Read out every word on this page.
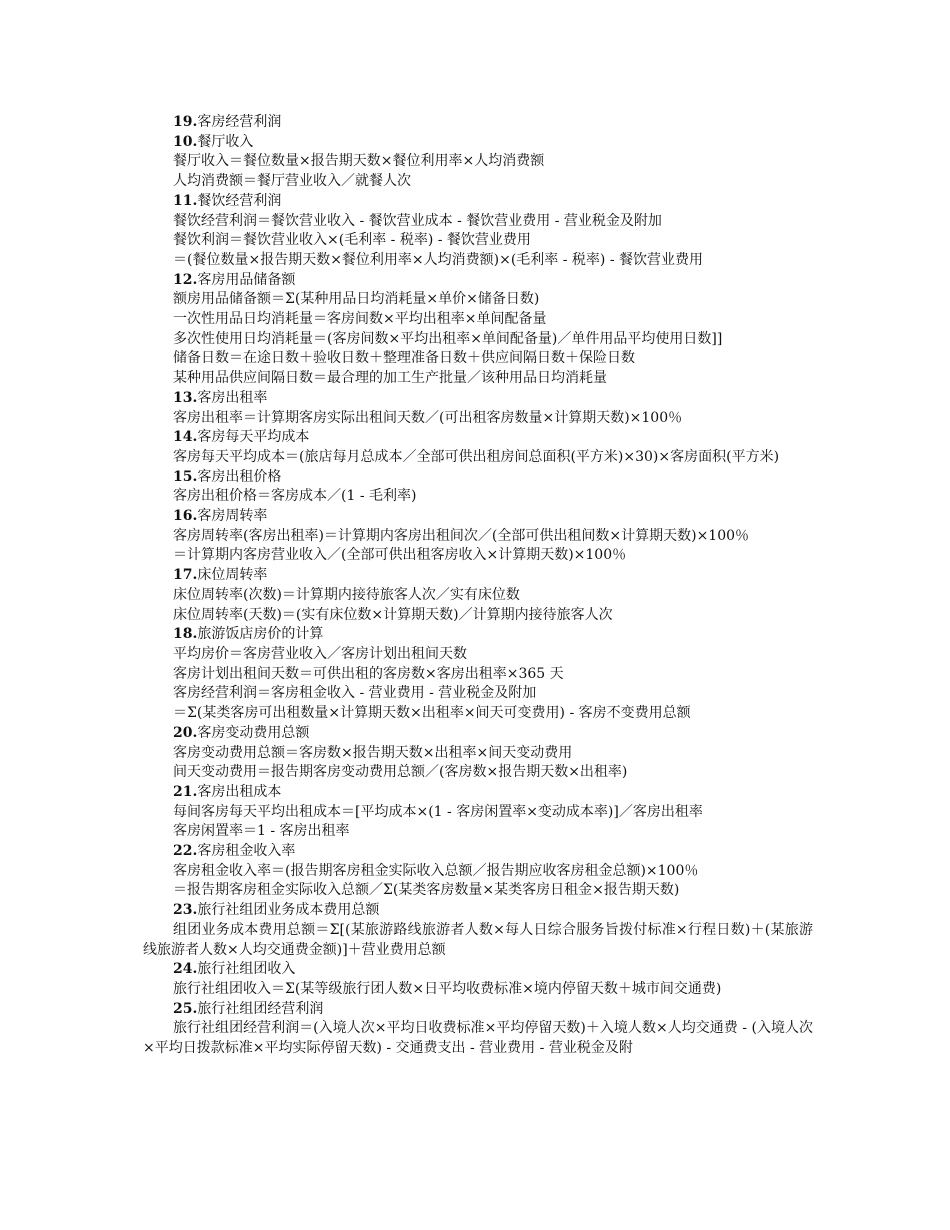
19.客房经营利润
10.餐厅收入
餐厅收入＝餐位数量×报告期天数×餐位利用率×人均消费额
人均消费额＝餐厅营业收入／就餐人次
11.餐饮经营利润
餐饮经营利润＝餐饮营业收入 - 餐饮营业成本 - 餐饮营业费用 - 营业税金及附加
餐饮利润＝餐饮营业收入×(毛利率 - 税率) - 餐饮营业费用
＝(餐位数量×报告期天数×餐位利用率×人均消费额)×(毛利率 - 税率) - 餐饮营业费用
12.客房用品储备额
额房用品储备额＝Σ(某种用品日均消耗量×单价×储备日数)
一次性用品日均消耗量＝客房间数×平均出租率×单间配备量
多次性使用日均消耗量＝(客房间数×平均出租率×单间配备量)／单件用品平均使用日数]]
储备日数＝在途日数＋验收日数＋整理准备日数＋供应间隔日数＋保险日数
某种用品供应间隔日数＝最合理的加工生产批量／该种用品日均消耗量
13.客房出租率
客房出租率＝计算期客房实际出租间天数／(可出租客房数量×计算期天数)×100％
14.客房每天平均成本
客房每天平均成本＝(旅店每月总成本／全部可供出租房间总面积(平方米)×30)×客房面积(平方米)
15.客房出租价格
客房出租价格＝客房成本／(1 - 毛利率)
16.客房周转率
客房周转率(客房出租率)＝计算期内客房出租间次／(全部可供出租间数×计算期天数)×100％
＝计算期内客房营业收入／(全部可供出租客房收入×计算期天数)×100％
17.床位周转率
床位周转率(次数)＝计算期内接待旅客人次／实有床位数
床位周转率(天数)＝(实有床位数×计算期天数)／计算期内接待旅客人次
18.旅游饭店房价的计算
平均房价＝客房营业收入／客房计划出租间天数
客房计划出租间天数＝可供出租的客房数×客房出租率×365 天
客房经营利润＝客房租金收入 - 营业费用 - 营业税金及附加
＝Σ(某类客房可出租数量×计算期天数×出租率×间天可变费用) - 客房不变费用总额
20.客房变动费用总额
客房变动费用总额＝客房数×报告期天数×出租率×间天变动费用
间天变动费用＝报告期客房变动费用总额／(客房数×报告期天数×出租率)
21.客房出租成本
每间客房每天平均出租成本＝[平均成本×(1 - 客房闲置率×变动成本率)]／客房出租率
客房闲置率＝1 - 客房出租率
22.客房租金收入率
客房租金收入率＝(报告期客房租金实际收入总额／报告期应收客房租金总额)×100％
＝报告期客房租金实际收入总额／Σ(某类客房数量×某类客房日租金×报告期天数)
23.旅行社组团业务成本费用总额
组团业务成本费用总额＝Σ[(某旅游路线旅游者人数×每人日综合服务旨拨付标准×行程日数)＋(某旅游线旅游者人数×人均交通费金额)]＋营业费用总额
24.旅行社组团收入
旅行社组团收入＝Σ(某等级旅行团人数×日平均收费标准×境内停留天数＋城市间交通费)
25.旅行社组团经营利润
旅行社组团经营利润＝(入境人次×平均日收费标准×平均停留天数)＋入境人数×人均交通费 - (入境人次×平均日拨款标准×平均实际停留天数) - 交通费支出 - 营业费用 - 营业税金及附
